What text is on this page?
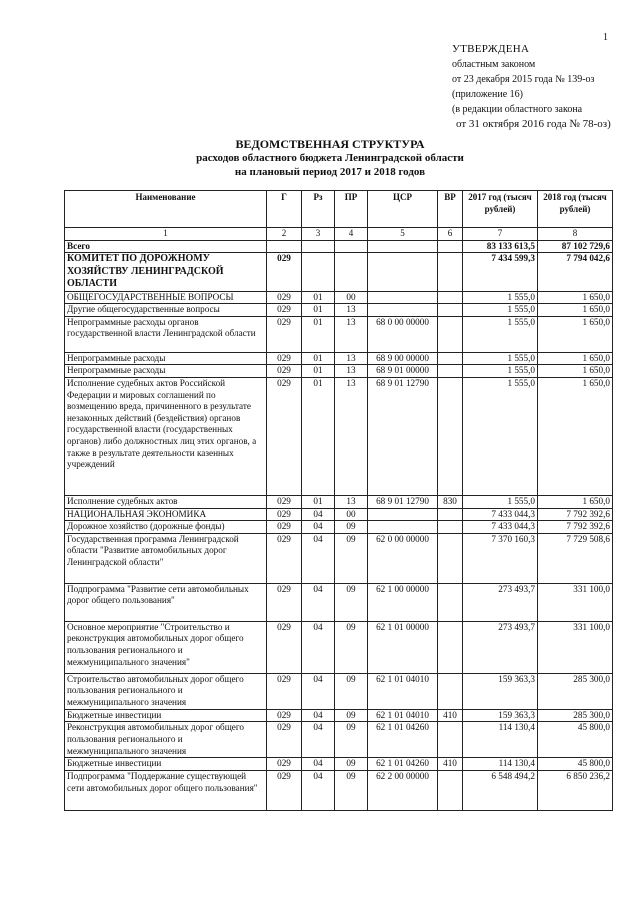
1
УТВЕРЖДЕНА
областным законом
от 23 декабря 2015 года № 139-оз
(приложение 16)
(в редакции областного закона
от 31 октября 2016 года № 78-оз)
ВЕДОМСТВЕННАЯ СТРУКТУРА
расходов областного бюджета Ленинградской области
на плановый период 2017 и 2018 годов
Наименование	Г	Рз	ПР	ЦСР	ВР	2017 год (тысяч рублей)	2018 год (тысяч рублей)
1	2	3	4	5	6	7	8
Всего						83 133 613,5	87 102 729,6
КОМИТЕТ ПО ДОРОЖНОМУ ХОЗЯЙСТВУ ЛЕНИНГРАДСКОЙ ОБЛАСТИ	029					7 434 599,3	7 794 042,6
ОБЩЕГОСУДАРСТВЕННЫЕ ВОПРОСЫ	029	01	00			1 555,0	1 650,0
Другие общегосударственные вопросы	029	01	13			1 555,0	1 650,0
Непрограммные расходы органов государственной власти Ленинградской области	029	01	13	68 0 00 00000		1 555,0	1 650,0
Непрограммные расходы	029	01	13	68 9 00 00000		1 555,0	1 650,0
Непрограммные расходы	029	01	13	68 9 01 00000		1 555,0	1 650,0
Исполнение судебных актов Российской Федерации и мировых соглашений по возмещению вреда, причиненного в результате незаконных действий (бездействия) органов государственной власти (государственных органов) либо должностных лиц этих органов, а также в результате деятельности казенных учреждений	029	01	13	68 9 01 12790		1 555,0	1 650,0
Исполнение судебных актов	029	01	13	68 9 01 12790	830	1 555,0	1 650,0
НАЦИОНАЛЬНАЯ ЭКОНОМИКА	029	04	00			7 433 044,3	7 792 392,6
Дорожное хозяйство (дорожные фонды)	029	04	09			7 433 044,3	7 792 392,6
Государственная программа Ленинградской области "Развитие автомобильных дорог Ленинградской области"	029	04	09	62 0 00 00000		7 370 160,3	7 729 508,6
Подпрограмма "Развитие сети автомобильных дорог общего пользования"	029	04	09	62 1 00 00000		273 493,7	331 100,0
Основное мероприятие "Строительство и реконструкция автомобильных дорог общего пользования регионального и межмуниципального значения"	029	04	09	62 1 01 00000		273 493,7	331 100,0
Строительство автомобильных дорог общего пользования регионального и межмуниципального значения	029	04	09	62 1 01 04010		159 363,3	285 300,0
Бюджетные инвестиции	029	04	09	62 1 01 04010	410	159 363,3	285 300,0
Реконструкция автомобильных дорог общего пользования регионального и межмуниципального значения	029	04	09	62 1 01 04260		114 130,4	45 800,0
Бюджетные инвестиции	029	04	09	62 1 01 04260	410	114 130,4	45 800,0
Подпрограмма "Поддержание существующей сети автомобильных дорог общего пользования"	029	04	09	62 2 00 00000		6 548 494,2	6 850 236,2
